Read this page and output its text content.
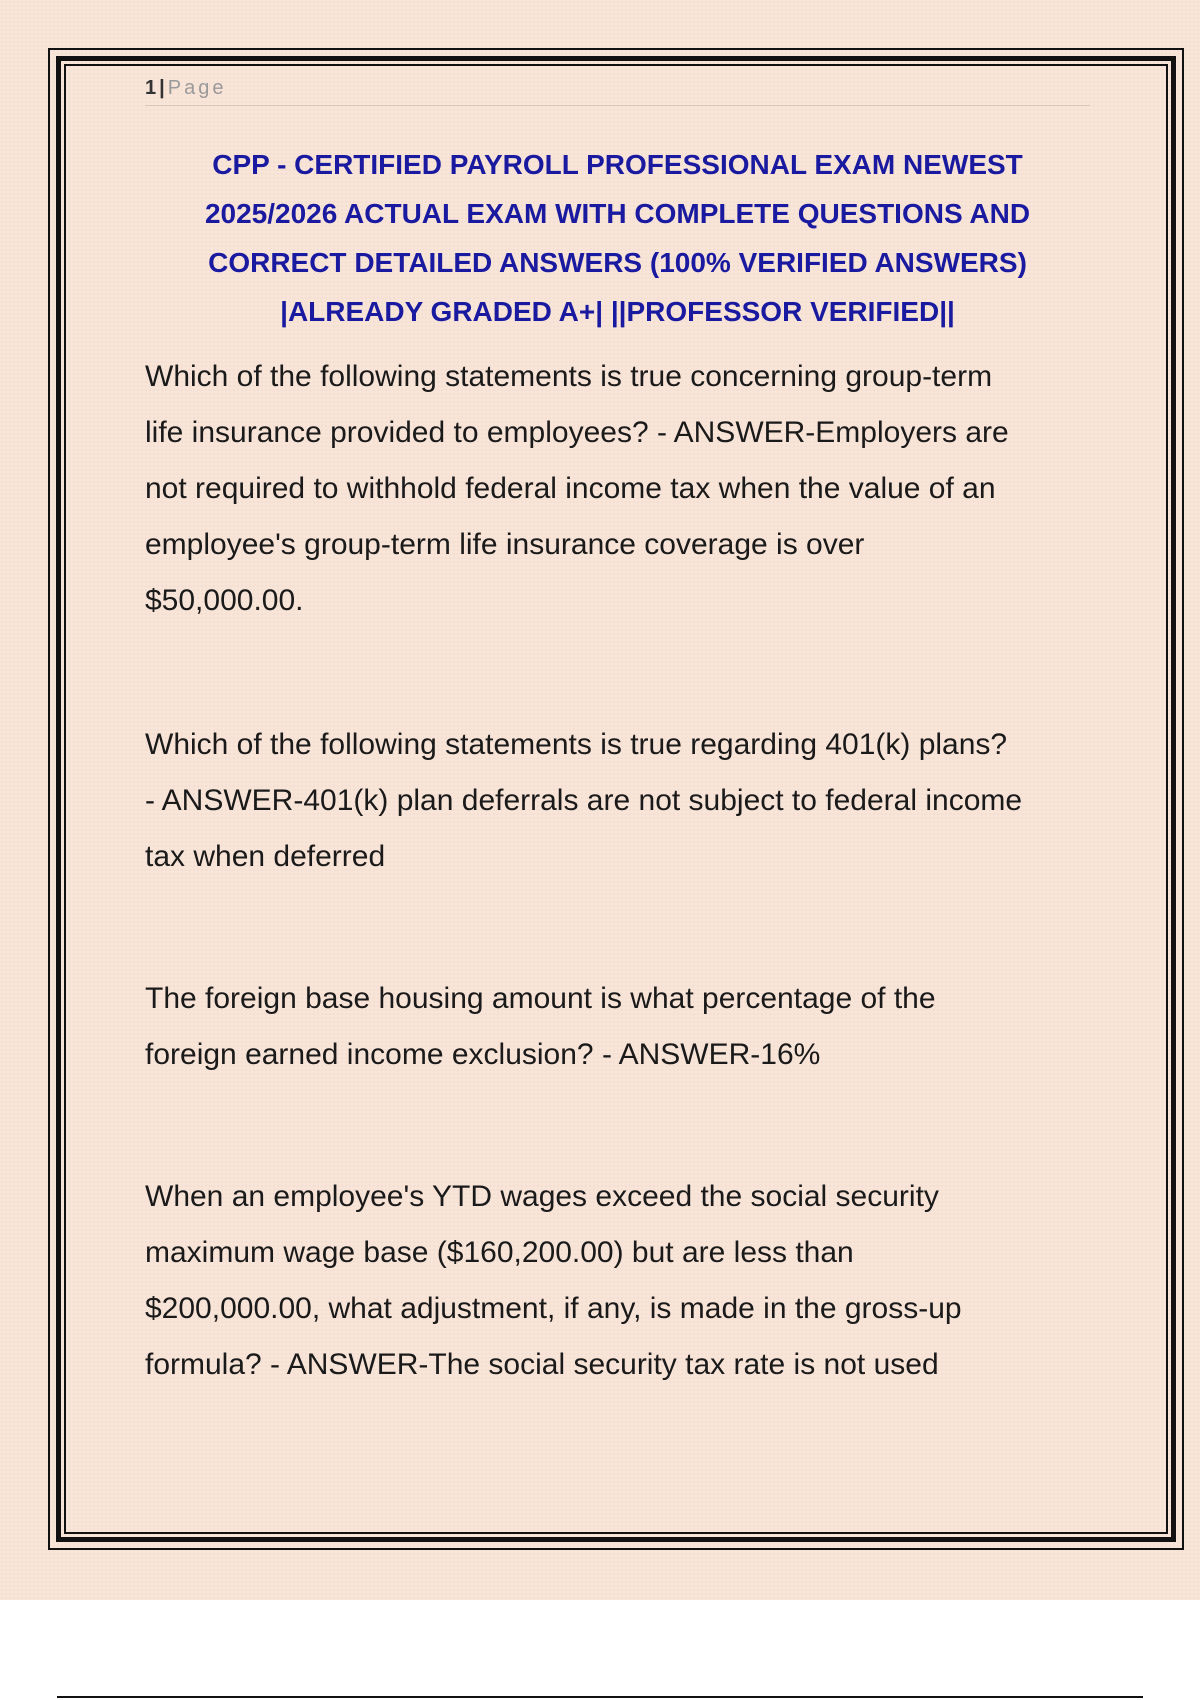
1 | Page
CPP - CERTIFIED PAYROLL PROFESSIONAL EXAM NEWEST
2025/2026 ACTUAL EXAM WITH COMPLETE QUESTIONS AND
CORRECT DETAILED ANSWERS (100% VERIFIED ANSWERS)
|ALREADY GRADED A+| ||PROFESSOR VERIFIED||

Which of the following statements is true concerning group-term
life insurance provided to employees? - ANSWER-Employers are
not required to withhold federal income tax when the value of an
employee's group-term life insurance coverage is over
$50,000.00.

Which of the following statements is true regarding 401(k) plans?
- ANSWER-401(k) plan deferrals are not subject to federal income
tax when deferred

The foreign base housing amount is what percentage of the
foreign earned income exclusion? - ANSWER-16%

When an employee's YTD wages exceed the social security
maximum wage base ($160,200.00) but are less than
$200,000.00, what adjustment, if any, is made in the gross-up
formula? - ANSWER-The social security tax rate is not used
